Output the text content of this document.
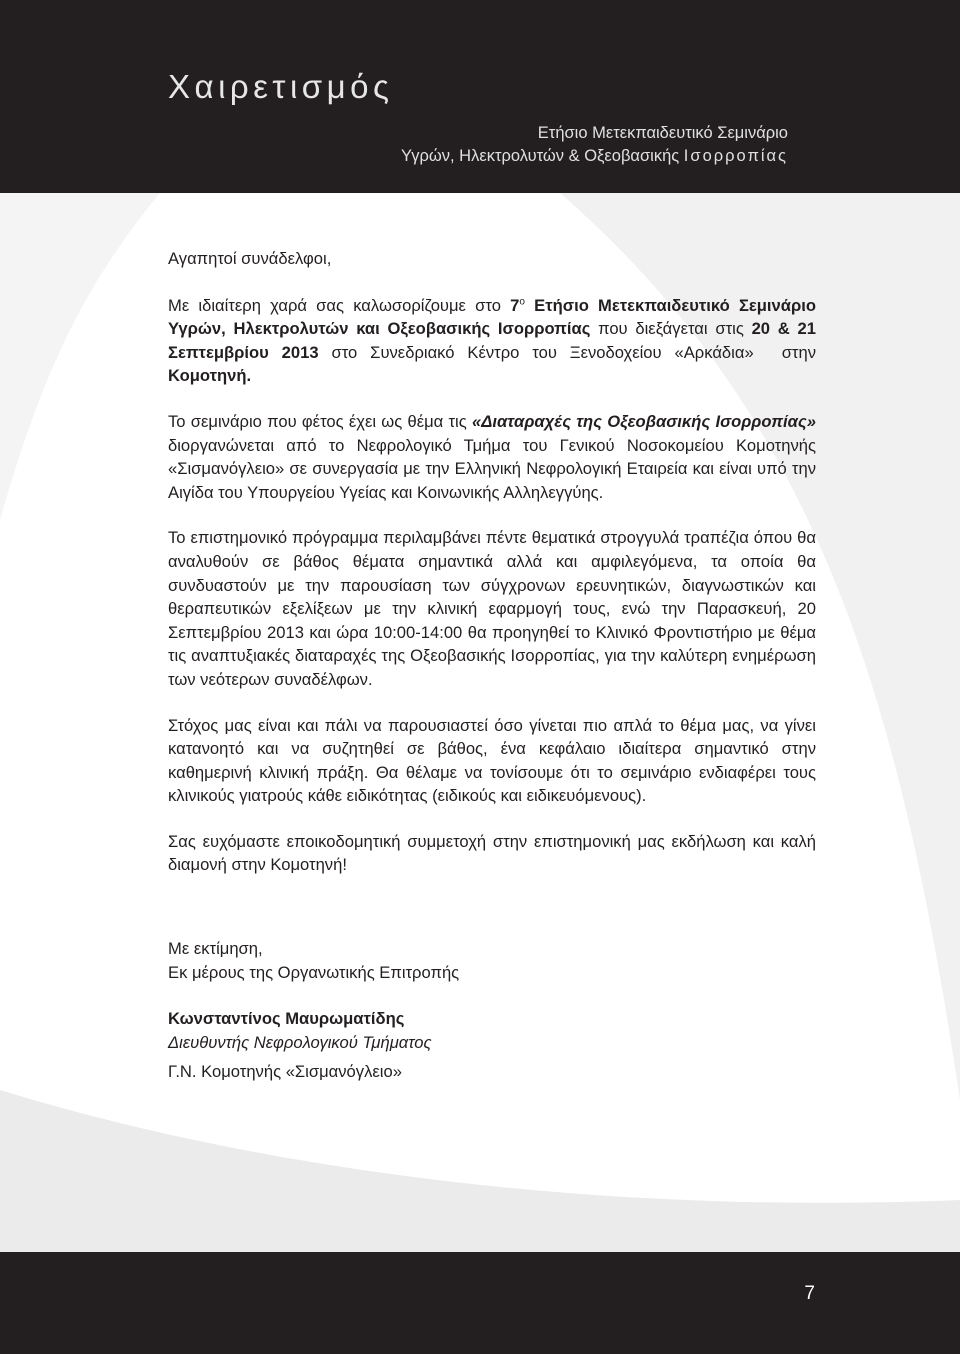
Χαιρετισμός
Ετήσιο Μετεκπαιδευτικό Σεμινάριο
Υγρών, Ηλεκτρολυτών & Οξεοβασικής Ισορροπίας

Αγαπητοί συνάδελφοι,

Με ιδιαίτερη χαρά σας καλωσορίζουμε στο $7^o$ Ετήσιο Μετεκπαιδευτικό Σεμινάριο Υγρών, Ηλεκτρολυτών και Οξεοβασικής Ισορροπίας που διεξάγεται στις 20 & 21 Σεπτεμβρίου 2013 στο Συνεδριακό Κέντρο του Ξενοδοχείου «Αρκάδια» στην Κομοτηνή.

Το σεμινάριο που φέτος έχει ως θέμα τις «Διαταραχές της Οξεοβασικής Ισορροπίας» διοργανώνεται από το Νεφρολογικό Τμήμα του Γενικού Νοσοκομείου Κομοτηνής «Σισμανόγλειο» σε συνεργασία με την Ελληνική Νεφρολογική Εταιρεία και είναι υπό την Αιγίδα του Υπουργείου Υγείας και Κοινωνικής Αλληλεγγύης.

Το επιστημονικό πρόγραμμα περιλαμβάνει πέντε θεματικά στρογγυλά τραπέζια όπου θα αναλυθούν σε βάθος θέματα σημαντικά αλλά και αμφιλεγόμενα, τα οποία θα συνδυαστούν με την παρουσίαση των σύγχρονων ερευνητικών, διαγνωστικών και θεραπευτικών εξελίξεων με την κλινική εφαρμογή τους, ενώ την Παρασκευή, 20 Σεπτεμβρίου 2013 και ώρα 10:00-14:00 θα προηγηθεί το Κλινικό Φροντιστήριο με θέμα τις αναπτυξιακές διαταραχές της Οξεοβασικής Ισορροπίας, για την καλύτερη ενημέρωση των νεότερων συναδέλφων.

Στόχος μας είναι και πάλι να παρουσιαστεί όσο γίνεται πιο απλά το θέμα μας, να γίνει κατανοητό και να συζητηθεί σε βάθος, ένα κεφάλαιο ιδιαίτερα σημαντικό στην καθημερινή κλινική πράξη. Θα θέλαμε να τονίσουμε ότι το σεμινάριο ενδιαφέρει τους κλινικούς γιατρούς κάθε ειδικότητας (ειδικούς και ειδικευόμενους).

Σας ευχόμαστε εποικοδομητική συμμετοχή στην επιστημονική μας εκδήλωση και καλή διαμονή στην Κομοτηνή!

Με εκτίμηση,
Εκ μέρους της Οργανωτικής Επιτροπής

Κωνσταντίνος Μαυρωματίδης
Διευθυντής Νεφρολογικού Τμήματος
Γ.Ν. Κομοτηνής «Σισμανόγλειο»

7
